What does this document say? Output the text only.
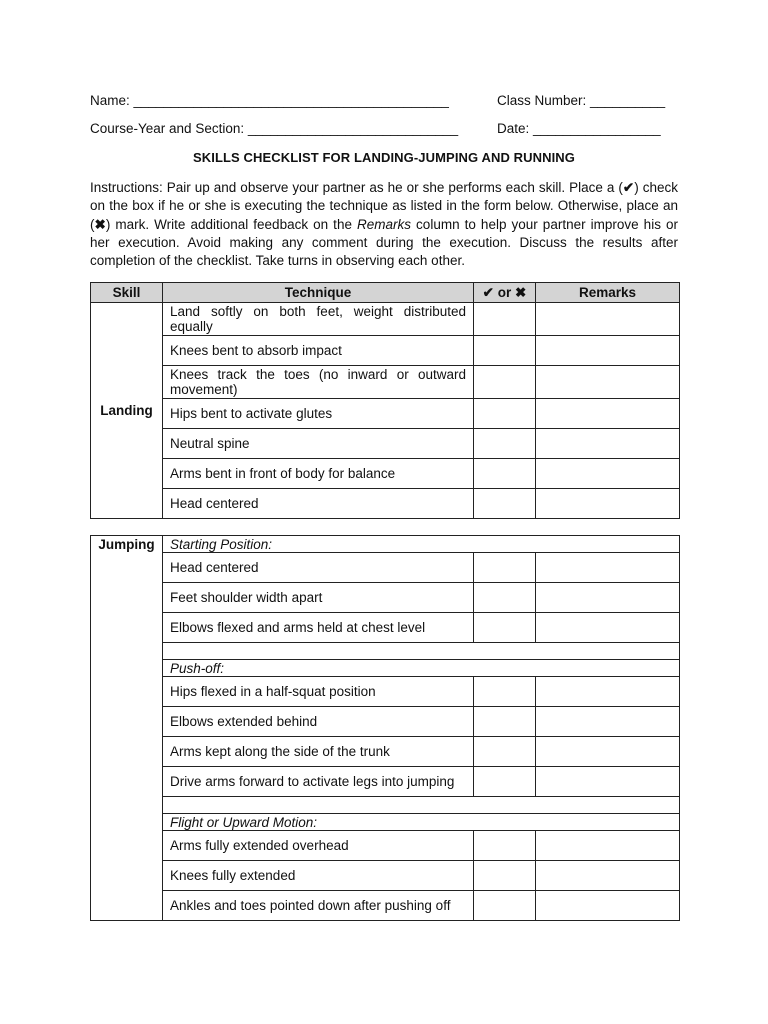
Name: __________________________________________	Class Number: __________
Course-Year and Section: ____________________________	Date: _________________
SKILLS CHECKLIST FOR LANDING-JUMPING AND RUNNING
Instructions: Pair up and observe your partner as he or she performs each skill. Place a (✔) check on the box if he or she is executing the technique as listed in the form below. Otherwise, place an (✖) mark. Write additional feedback on the Remarks column to help your partner improve his or her execution. Avoid making any comment during the execution. Discuss the results after completion of the checklist. Take turns in observing each other.
Skill	Technique	✔ or ✖	Remarks
Landing	Land softly on both feet, weight distributed equally		
	Knees bent to absorb impact		
	Knees track the toes (no inward or outward movement)		
	Hips bent to activate glutes		
	Neutral spine		
	Arms bent in front of body for balance		
	Head centered		
Jumping	Starting Position:		
	Head centered		
	Feet shoulder width apart		
	Elbows flexed and arms held at chest level		

	Push-off:		
	Hips flexed in a half-squat position		
	Elbows extended behind		
	Arms kept along the side of the trunk		
	Drive arms forward to activate legs into jumping		

	Flight or Upward Motion:		
	Arms fully extended overhead		
	Knees fully extended		
	Ankles and toes pointed down after pushing off		
